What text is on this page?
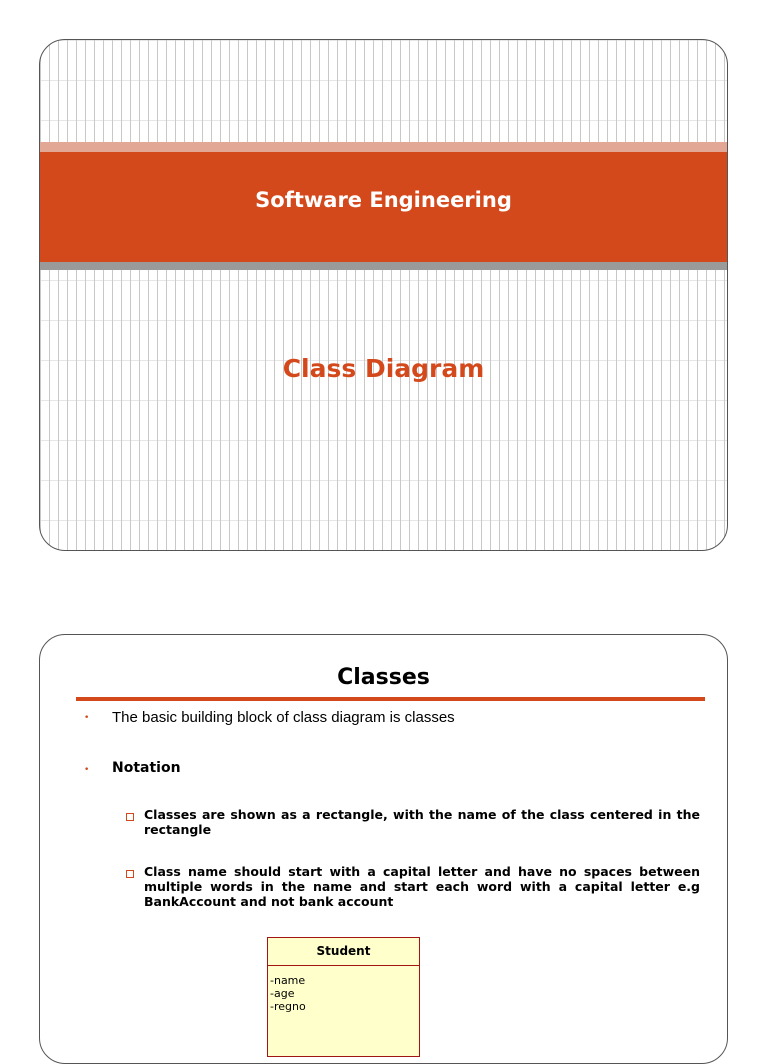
Software Engineering
Class Diagram
Classes
• The basic building block of class diagram is classes
• Notation
Classes are shown as a rectangle, with the name of the class centered in the rectangle
Class name should start with a capital letter and have no spaces between multiple words in the name and start each word with a capital letter e.g BankAccount and not bank account
Student
-name
-age
-regno
